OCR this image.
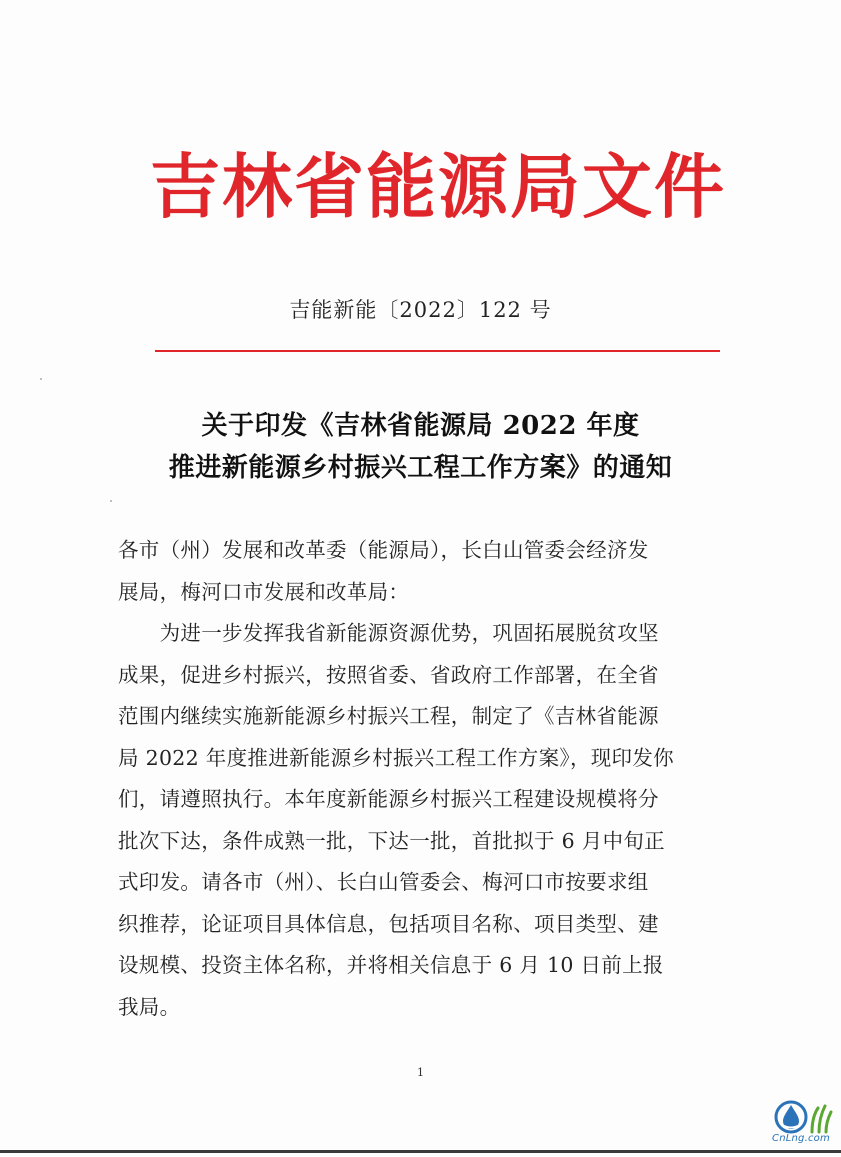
吉林省能源局文件
吉能新能〔2022〕122 号
关于印发《吉林省能源局 2022 年度
推进新能源乡村振兴工程工作方案》的通知
各市（州）发展和改革委（能源局），长白山管委会经济发
展局，梅河口市发展和改革局：
　　为进一步发挥我省新能源资源优势，巩固拓展脱贫攻坚
成果，促进乡村振兴，按照省委、省政府工作部署，在全省
范围内继续实施新能源乡村振兴工程，制定了《吉林省能源
局 2022 年度推进新能源乡村振兴工程工作方案》，现印发你
们，请遵照执行。本年度新能源乡村振兴工程建设规模将分
批次下达，条件成熟一批，下达一批，首批拟于 6 月中旬正
式印发。请各市（州）、长白山管委会、梅河口市按要求组
织推荐，论证项目具体信息，包括项目名称、项目类型、建
设规模、投资主体名称，并将相关信息于 6 月 10 日前上报
我局。
1
CnLng.com
